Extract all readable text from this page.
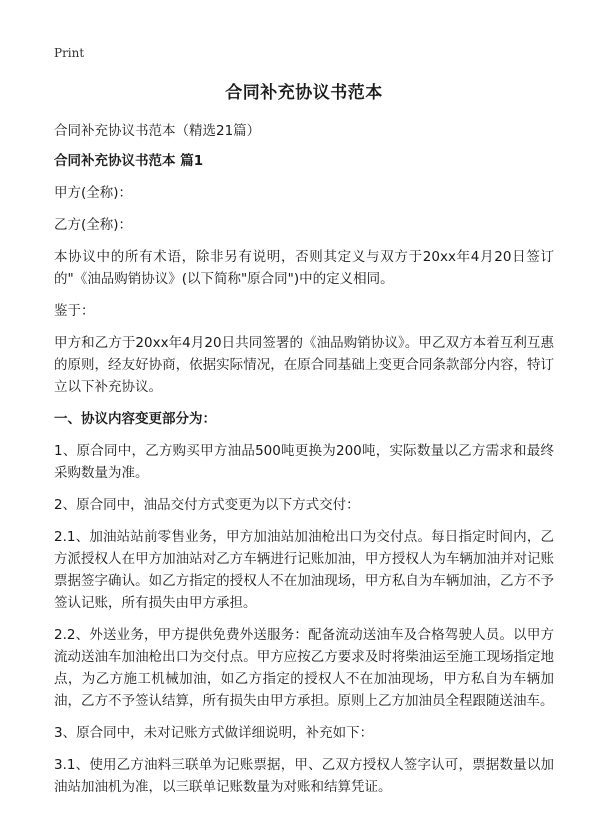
Print
合同补充协议书范本
合同补充协议书范本（精选21篇）
合同补充协议书范本 篇1
甲方(全称)：
乙方(全称)：
本协议中的所有术语，除非另有说明，否则其定义与双方于20xx年4月20日签订的"《油品购销协议》(以下简称"原合同")中的定义相同。
鉴于：
甲方和乙方于20xx年4月20日共同签署的《油品购销协议》。甲乙双方本着互利互惠的原则，经友好协商，依据实际情况，在原合同基础上变更合同条款部分内容，特订立以下补充协议。
一、协议内容变更部分为：
1、原合同中，乙方购买甲方油品500吨更换为200吨，实际数量以乙方需求和最终采购数量为准。
2、原合同中，油品交付方式变更为以下方式交付：
2.1、加油站站前零售业务，甲方加油站加油枪出口为交付点。每日指定时间内，乙方派授权人在甲方加油站对乙方车辆进行记账加油，甲方授权人为车辆加油并对记账票据签字确认。如乙方指定的授权人不在加油现场，甲方私自为车辆加油，乙方不予签认记账，所有损失由甲方承担。
2.2、外送业务，甲方提供免费外送服务：配备流动送油车及合格驾驶人员。以甲方流动送油车加油枪出口为交付点。甲方应按乙方要求及时将柴油运至施工现场指定地点，为乙方施工机械加油，如乙方指定的授权人不在加油现场，甲方私自为车辆加油，乙方不予签认结算，所有损失由甲方承担。原则上乙方加油员全程跟随送油车。
3、原合同中，未对记账方式做详细说明，补充如下：
3.1、使用乙方油料三联单为记账票据，甲、乙双方授权人签字认可，票据数量以加油站加油机为准，以三联单记账数量为对账和结算凭证。
